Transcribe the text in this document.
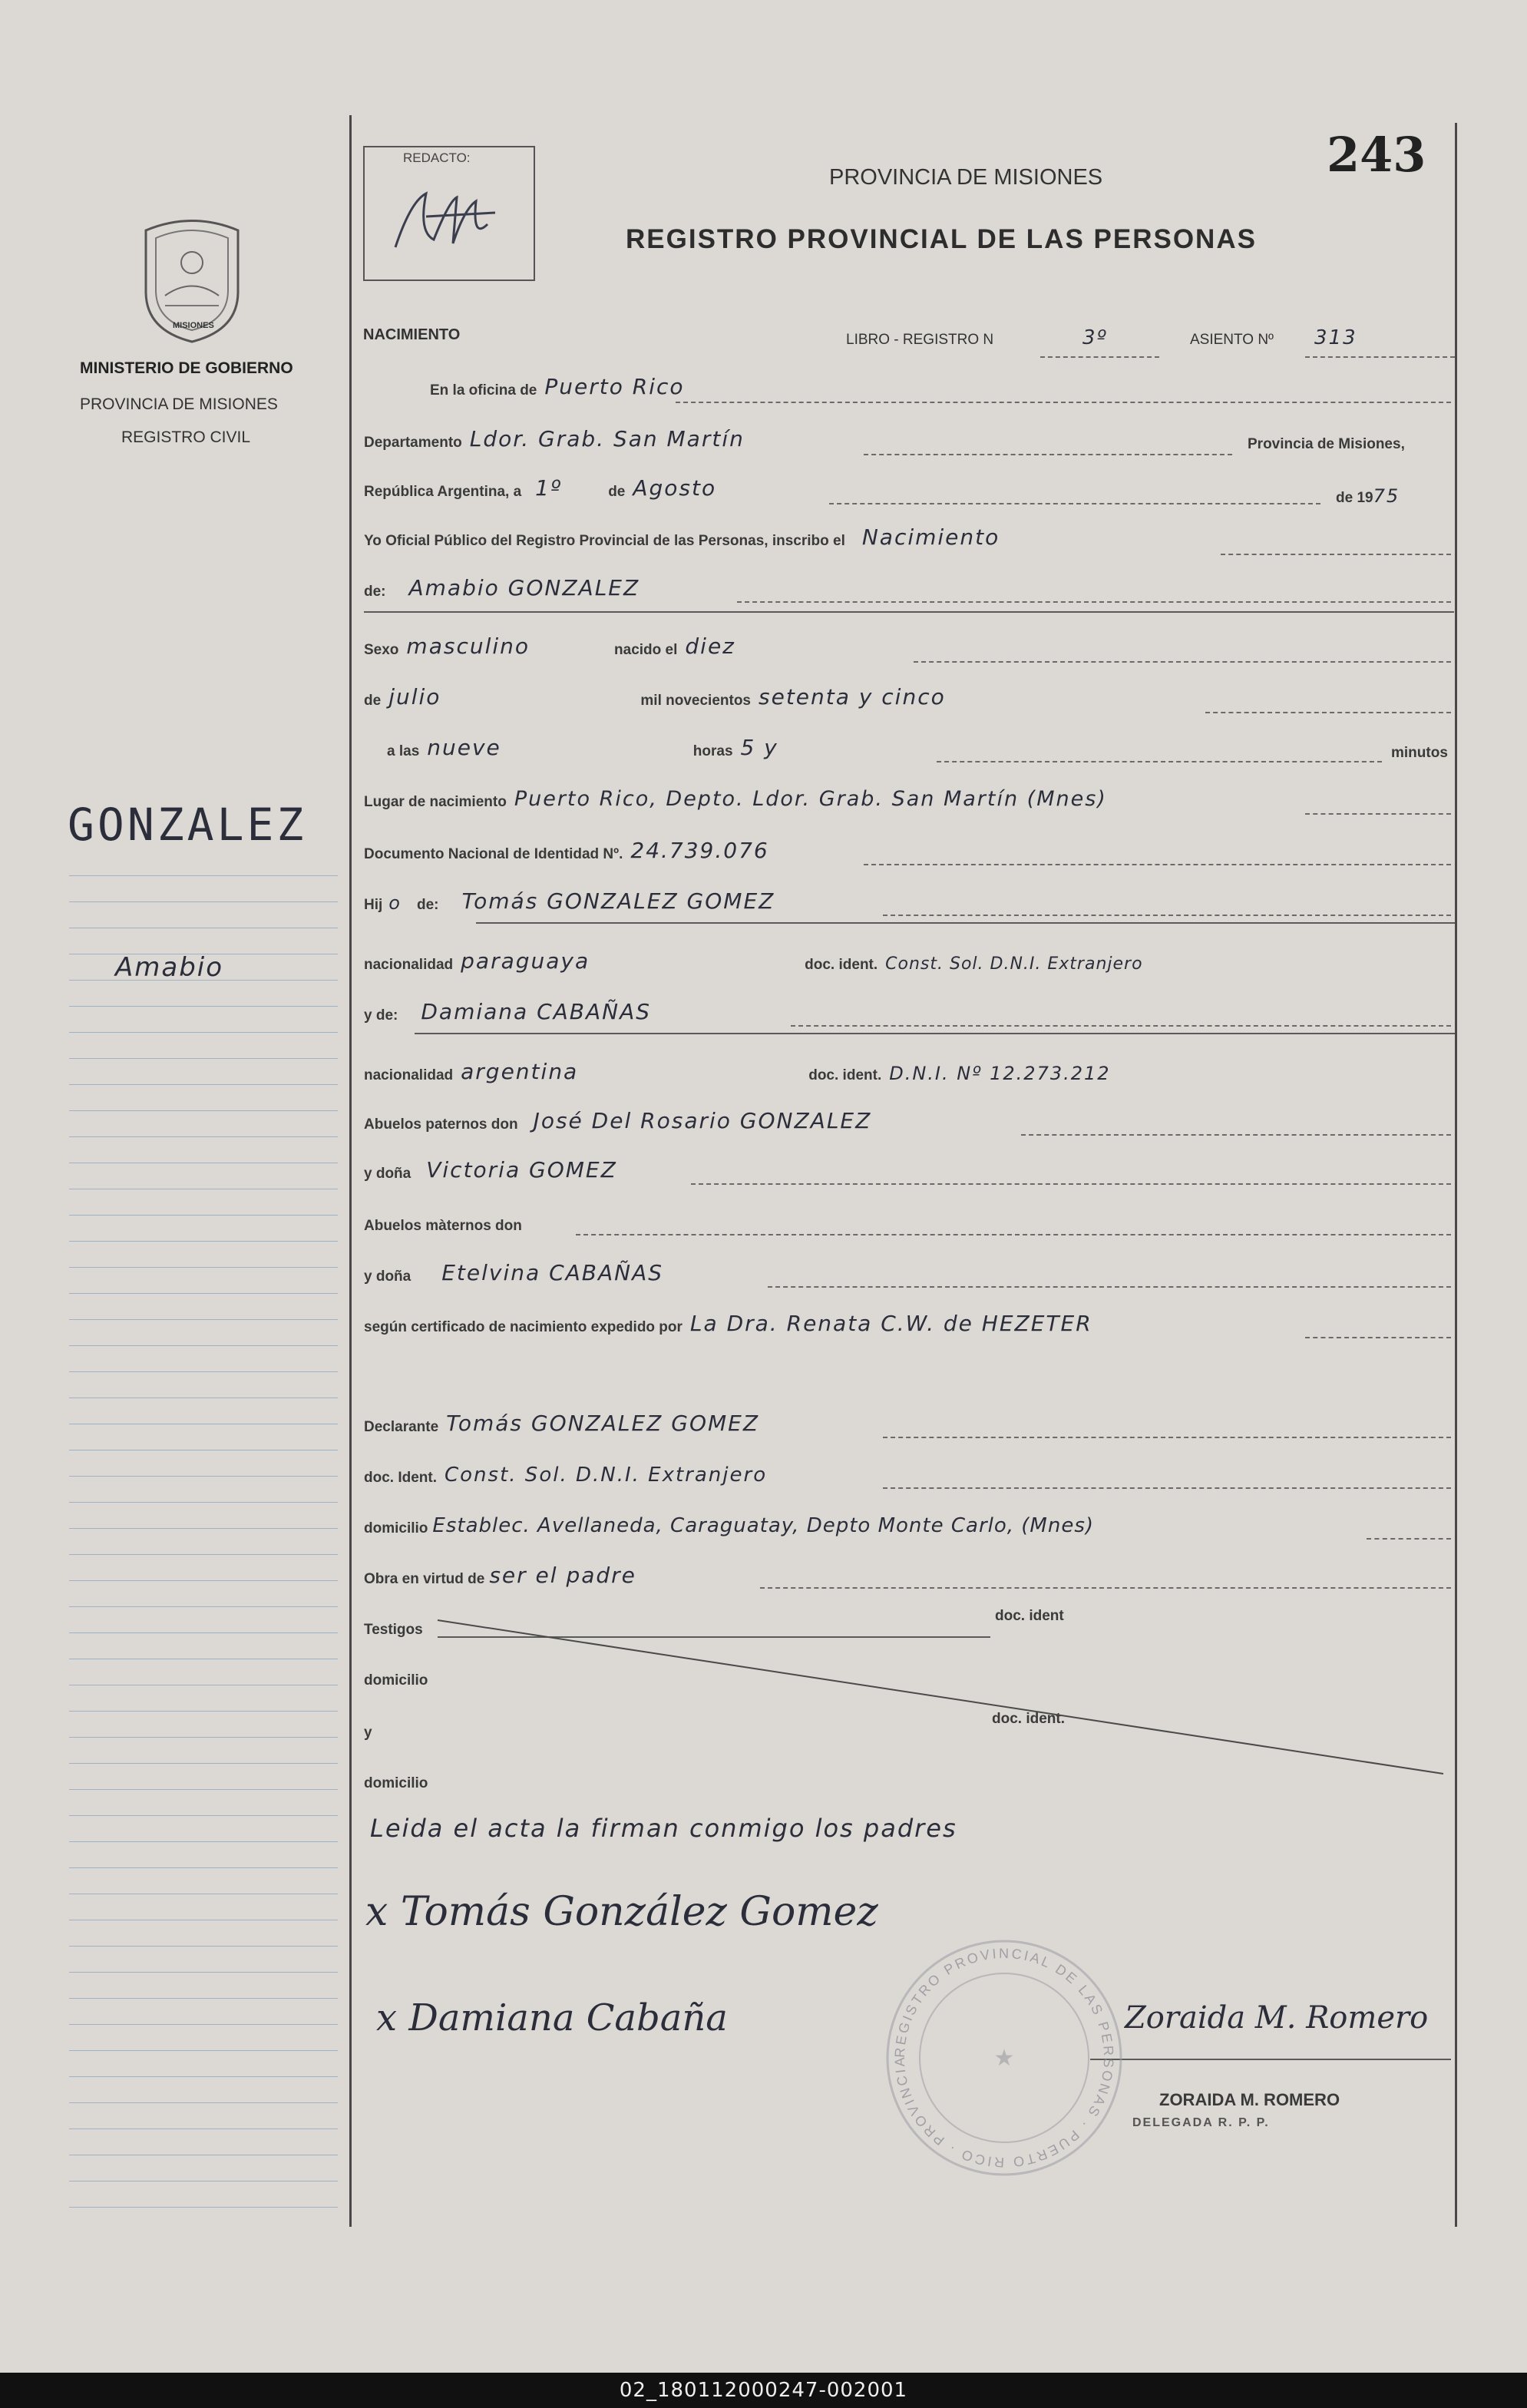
MISIONES
MINISTERIO DE GOBIERNO
PROVINCIA DE MISIONES
REGISTRO CIVIL
GONZALEZ
Amabio
REDACTO:
PROVINCIA DE MISIONES
REGISTRO PROVINCIAL DE LAS PERSONAS
243
NACIMIENTO	LIBRO - REGISTRO N	3º	ASIENTO Nº 313
En la oficina de Puerto Rico
Departamento Ldor. Grab. San Martín	Provincia de Misiones,
República Argentina, a 1º	de Agosto	de 1975
Yo Oficial Público del Registro Provincial de las Personas, inscribo el Nacimiento
de: Amabio GONZALEZ
Sexo masculino	nacido el diez
de julio	mil novecientos setenta y cinco
a las nueve	horas 5 y	minutos
Lugar de nacimiento Puerto Rico, Depto. Ldor. Grab. San Martín (Mnes)
Documento Nacional de Identidad Nº. 24.739.076
Hij o de: Tomás GONZALEZ GOMEZ
nacionalidad paraguaya	doc. ident. Const. Sol. D.N.I. Extranjero
y de: Damiana CABAÑAS
nacionalidad argentina	doc. ident. D.N.I. Nº 12.273.212
Abuelos paternos don José Del Rosario GONZALEZ
y doña Victoria GOMEZ
Abuelos màternos don
y doña Etelvina CABAÑAS
según certificado de nacimiento expedido por La Dra. Renata C.W. de HEZETER
Declarante Tomás GONZALEZ GOMEZ
doc. Ident. Const. Sol. D.N.I. Extranjero
domicilio Establec. Avellaneda, Caraguatay, Depto Monte Carlo, (Mnes)
Obra en virtud de ser el padre
Testigos
doc. ident
domicilio
y
doc. ident.
domicilio
Leida el acta la firman conmigo los padres
x Tomás González Gomez
x Damiana Cabaña	Zoraida M. Romero
ZORAIDA M. ROMERO
DELEGADA R. P. P.
REGISTRO PROVINCIAL DE LAS PERSONAS · PUERTO RICO · PROVINCIA	★
02_180112000247-002001
